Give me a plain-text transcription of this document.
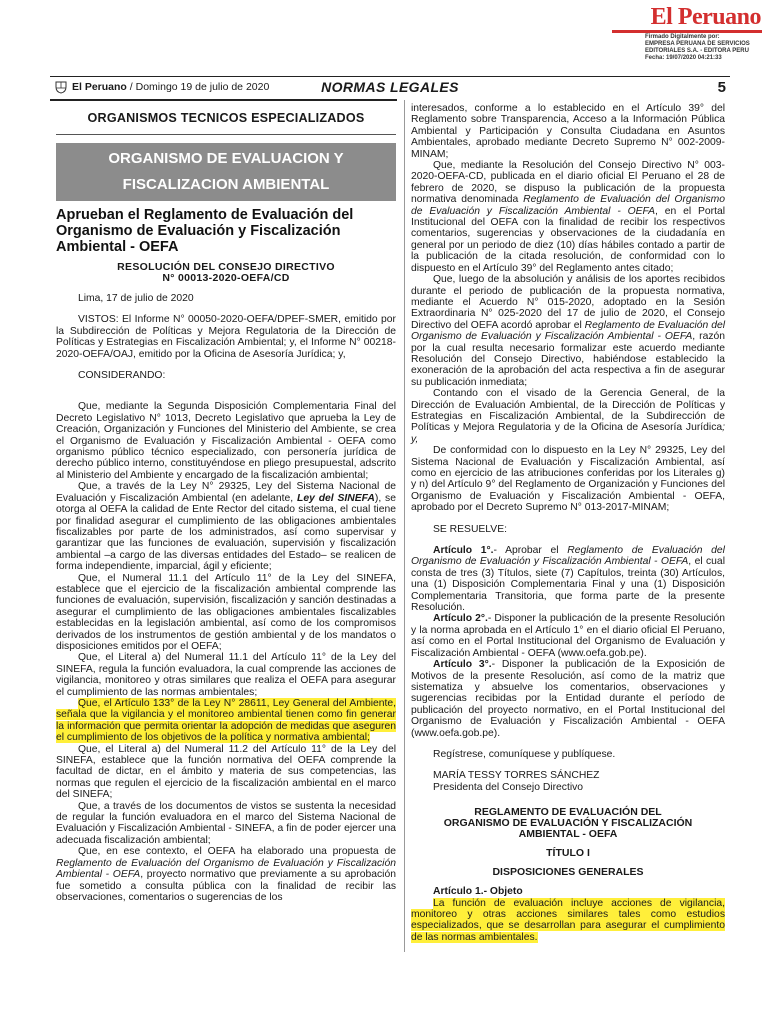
El Peruano
Firmado Digitalmente por:
EMPRESA PERUANA DE SERVICIOS
EDITORIALES S.A. - EDITORA PERU
Fecha: 19/07/2020 04:21:33
El Peruano / Domingo 19 de julio de 2020	NORMAS LEGALES	5
ORGANISMOS TECNICOS ESPECIALIZADOS
ORGANISMO DE EVALUACION Y
FISCALIZACION AMBIENTAL
Aprueban el Reglamento de Evaluación del Organismo de Evaluación y Fiscalización Ambiental - OEFA
RESOLUCIÓN DEL CONSEJO DIRECTIVO
N° 00013-2020-OEFA/CD

Lima, 17 de julio de 2020

VISTOS: El Informe N° 00050-2020-OEFA/DPEF-SMER, emitido por la Subdirección de Políticas y Mejora Regulatoria de la Dirección de Políticas y Estrategias en Fiscalización Ambiental; y, el Informe N° 00218-2020-OEFA/OAJ, emitido por la Oficina de Asesoría Jurídica; y,

CONSIDERANDO:

Que, mediante la Segunda Disposición Complementaria Final del Decreto Legislativo N° 1013, Decreto Legislativo que aprueba la Ley de Creación, Organización y Funciones del Ministerio del Ambiente, se crea el Organismo de Evaluación y Fiscalización Ambiental - OEFA como organismo público técnico especializado, con personería jurídica de derecho público interno, constituyéndose en pliego presupuestal, adscrito al Ministerio del Ambiente y encargado de la fiscalización ambiental;

Que, a través de la Ley N° 29325, Ley del Sistema Nacional de Evaluación y Fiscalización Ambiental (en adelante, Ley del SINEFA), se otorga al OEFA la calidad de Ente Rector del citado sistema, el cual tiene por finalidad asegurar el cumplimiento de las obligaciones ambientales fiscalizables por parte de los administrados, así como supervisar y garantizar que las funciones de evaluación, supervisión y fiscalización ambiental –a cargo de las diversas entidades del Estado– se realicen de forma independiente, imparcial, ágil y eficiente;

Que, el Numeral 11.1 del Artículo 11° de la Ley del SINEFA, establece que el ejercicio de la fiscalización ambiental comprende las funciones de evaluación, supervisión, fiscalización y sanción destinadas a asegurar el cumplimiento de las obligaciones ambientales fiscalizables establecidas en la legislación ambiental, así como de los compromisos derivados de los instrumentos de gestión ambiental y de los mandatos o disposiciones emitidos por el OEFA;

Que, el Literal a) del Numeral 11.1 del Artículo 11° de la Ley del SINEFA, regula la función evaluadora, la cual comprende las acciones de vigilancia, monitoreo y otras similares que realiza el OEFA para asegurar el cumplimiento de las normas ambientales;

Que, el Artículo 133° de la Ley N° 28611, Ley General del Ambiente, señala que la vigilancia y el monitoreo ambiental tienen como fin generar la información que permita orientar la adopción de medidas que aseguren el cumplimiento de los objetivos de la política y normativa ambiental;

Que, el Literal a) del Numeral 11.2 del Artículo 11° de la Ley del SINEFA, establece que la función normativa del OEFA comprende la facultad de dictar, en el ámbito y materia de sus competencias, las normas que regulen el ejercicio de la fiscalización ambiental en el marco del SINEFA;

Que, a través de los documentos de vistos se sustenta la necesidad de regular la función evaluadora en el marco del Sistema Nacional de Evaluación y Fiscalización Ambiental - SINEFA, a fin de poder ejercer una adecuada fiscalización ambiental;

Que, en ese contexto, el OEFA ha elaborado una propuesta de Reglamento de Evaluación del Organismo de Evaluación y Fiscalización Ambiental - OEFA, proyecto normativo que previamente a su aprobación fue sometido a consulta pública con la finalidad de recibir las observaciones, comentarios o sugerencias de los

interesados, conforme a lo establecido en el Artículo 39° del Reglamento sobre Transparencia, Acceso a la Información Pública Ambiental y Participación y Consulta Ciudadana en Asuntos Ambientales, aprobado mediante Decreto Supremo N° 002-2009-MINAM;

Que, mediante la Resolución del Consejo Directivo N° 003-2020-OEFA-CD, publicada en el diario oficial El Peruano el 28 de febrero de 2020, se dispuso la publicación de la propuesta normativa denominada Reglamento de Evaluación del Organismo de Evaluación y Fiscalización Ambiental - OEFA, en el Portal Institucional del OEFA con la finalidad de recibir los respectivos comentarios, sugerencias y observaciones de la ciudadanía en general por un periodo de diez (10) días hábiles contado a partir de la publicación de la citada resolución, de conformidad con lo dispuesto en el Artículo 39° del Reglamento antes citado;

Que, luego de la absolución y análisis de los aportes recibidos durante el periodo de publicación de la propuesta normativa, mediante el Acuerdo N° 015-2020, adoptado en la Sesión Extraordinaria N° 025-2020 del 17 de julio de 2020, el Consejo Directivo del OEFA acordó aprobar el Reglamento de Evaluación del Organismo de Evaluación y Fiscalización Ambiental - OEFA, razón por la cual resulta necesario formalizar este acuerdo mediante Resolución del Consejo Directivo, habiéndose establecido la exoneración de la aprobación del acta respectiva a fin de asegurar su publicación inmediata;

Contando con el visado de la Gerencia General, de la Dirección de Evaluación Ambiental, de la Dirección de Políticas y Estrategias en Fiscalización Ambiental, de la Subdirección de Políticas y Mejora Regulatoria y de la Oficina de Asesoría Jurídica; y,

De conformidad con lo dispuesto en la Ley N° 29325, Ley del Sistema Nacional de Evaluación y Fiscalización Ambiental, así como en ejercicio de las atribuciones conferidas por los Literales g) y n) del Artículo 9° del Reglamento de Organización y Funciones del Organismo de Evaluación y Fiscalización Ambiental - OEFA, aprobado por el Decreto Supremo N° 013-2017-MINAM;

SE RESUELVE:

Artículo 1°.- Aprobar el Reglamento de Evaluación del Organismo de Evaluación y Fiscalización Ambiental - OEFA, el cual consta de tres (3) Títulos, siete (7) Capítulos, treinta (30) Artículos, una (1) Disposición Complementaria Final y una (1) Disposición Complementaria Transitoria, que forma parte de la presente Resolución.

Artículo 2°.- Disponer la publicación de la presente Resolución y la norma aprobada en el Artículo 1° en el diario oficial El Peruano, así como en el Portal Institucional del Organismo de Evaluación y Fiscalización Ambiental - OEFA (www.oefa.gob.pe).

Artículo 3°.- Disponer la publicación de la Exposición de Motivos de la presente Resolución, así como de la matriz que sistematiza y absuelve los comentarios, observaciones y sugerencias recibidas por la Entidad durante el período de publicación del proyecto normativo, en el Portal Institucional del Organismo de Evaluación y Fiscalización Ambiental - OEFA (www.oefa.gob.pe).

Regístrese, comuníquese y publíquese.

MARÍA TESSY TORRES SÁNCHEZ

Presidenta del Consejo Directivo

REGLAMENTO DE EVALUACIÓN DEL
ORGANISMO DE EVALUACIÓN Y FISCALIZACIÓN
AMBIENTAL - OEFA
TÍTULO I
DISPOSICIONES GENERALES

Artículo 1.- Objeto

La función de evaluación incluye acciones de vigilancia, monitoreo y otras acciones similares tales como estudios especializados, que se desarrollan para asegurar el cumplimiento de las normas ambientales.
